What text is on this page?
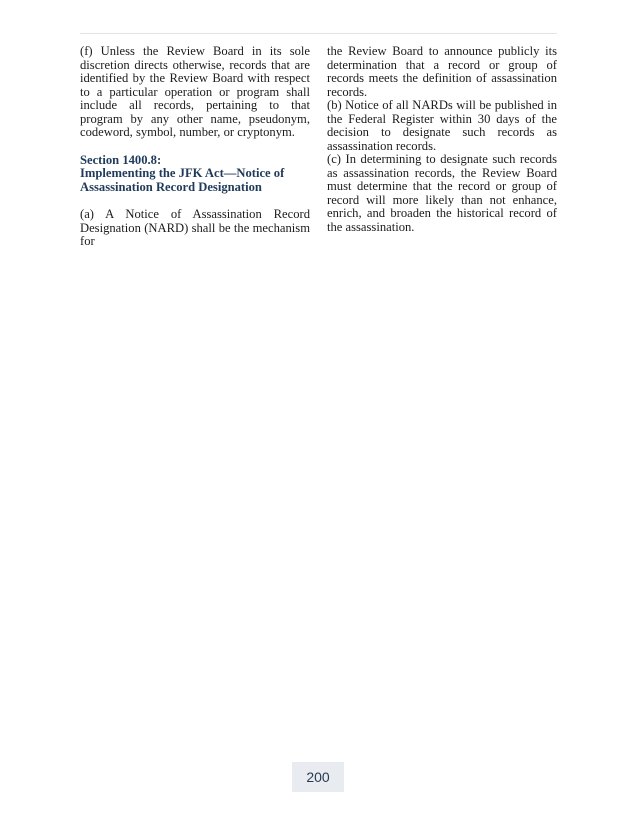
(f) Unless the Review Board in its sole discretion directs otherwise, records that are identified by the Review Board with respect to a particular operation or program shall include all records, pertaining to that program by any other name, pseudonym, codeword, symbol, number, or cryptonym.

Section 1400.8:
Implementing the JFK Act—Notice of
Assassination Record Designation

(a) A Notice of Assassination Record Designation (NARD) shall be the mechanism for

the Review Board to announce publicly its determination that a record or group of records meets the definition of assassination records.

(b) Notice of all NARDs will be published in the Federal Register within 30 days of the decision to designate such records as assassination records.

(c) In determining to designate such records as assassination records, the Review Board must determine that the record or group of record will more likely than not enhance, enrich, and broaden the historical record of the assassination.

200
